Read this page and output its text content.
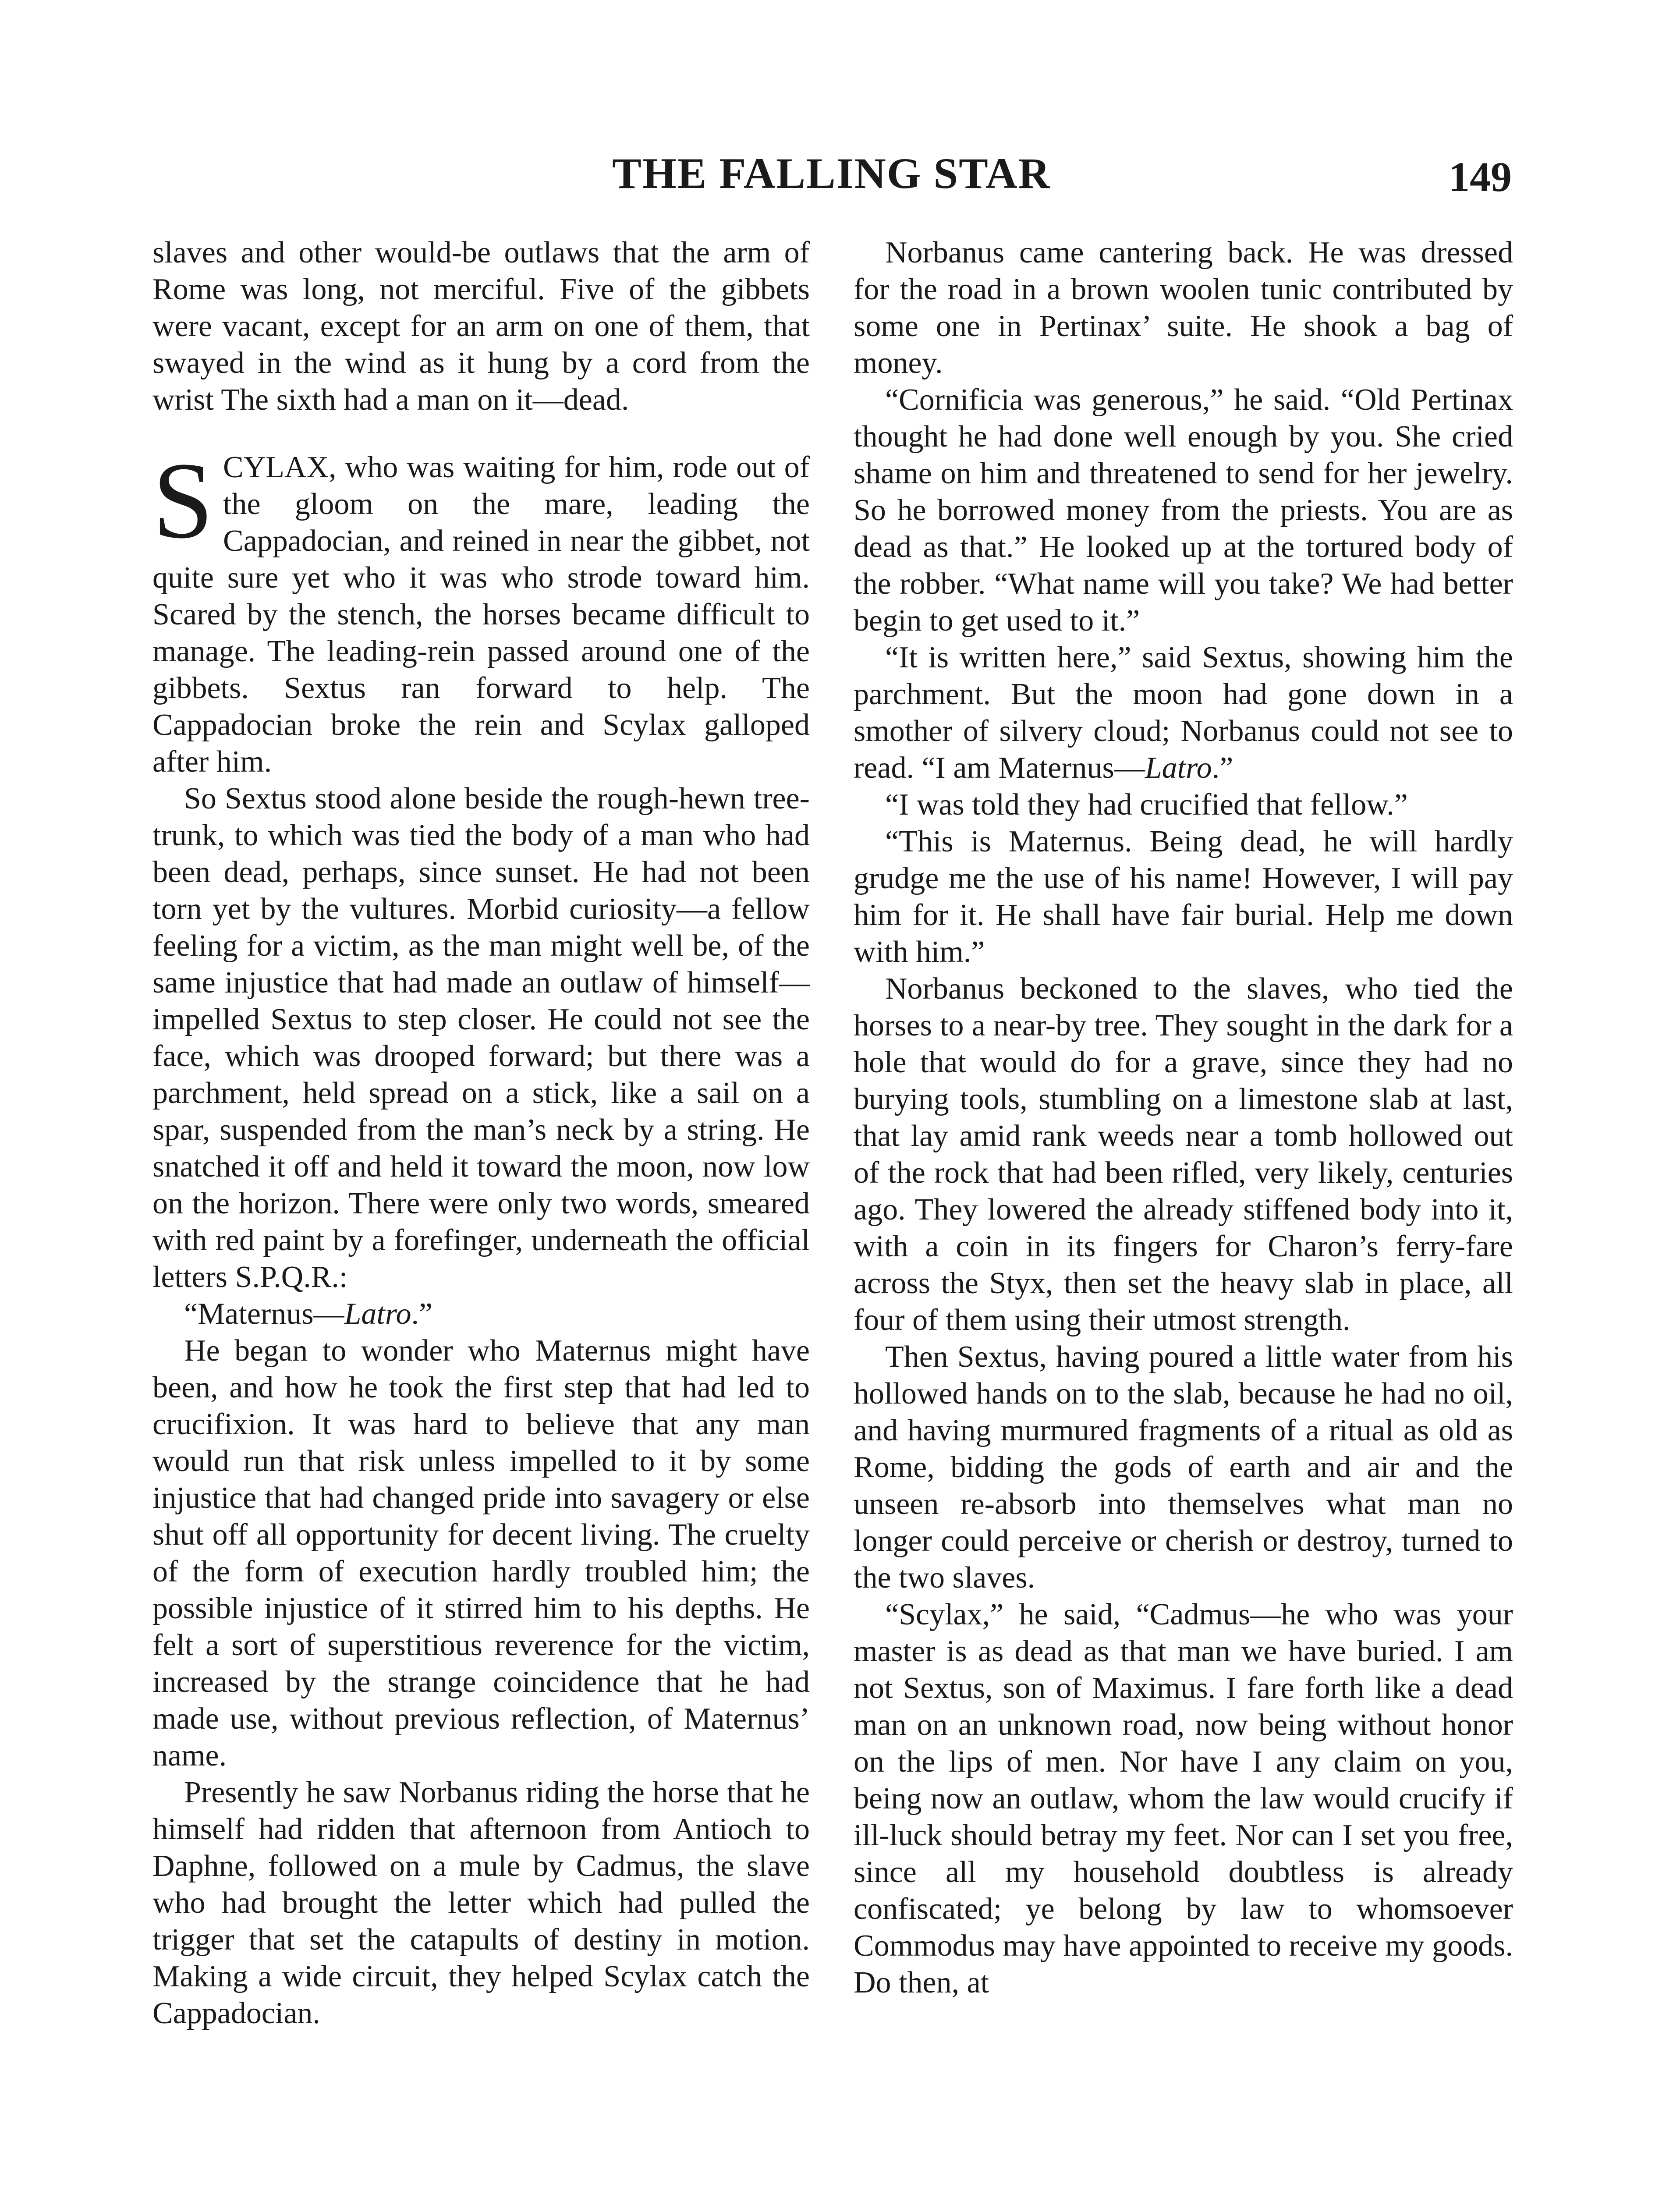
THE FALLING STAR	149

slaves and other would-be outlaws that the arm of Rome was long, not merciful. Five of the gibbets were vacant, except for an arm on one of them, that swayed in the wind as it hung by a cord from the wrist The sixth had a man on it—dead.

SCYLAX, who was waiting for him, rode out of the gloom on the mare, leading the Cappadocian, and reined in near the gibbet, not quite sure yet who it was who strode toward him. Scared by the stench, the horses became difficult to manage. The leading-rein passed around one of the gibbets. Sextus ran forward to help. The Cappadocian broke the rein and Scylax galloped after him.

So Sextus stood alone beside the rough-hewn tree-trunk, to which was tied the body of a man who had been dead, perhaps, since sunset. He had not been torn yet by the vultures. Morbid curiosity—a fellow feeling for a victim, as the man might well be, of the same injustice that had made an outlaw of himself—impelled Sextus to step closer. He could not see the face, which was drooped forward; but there was a parchment, held spread on a stick, like a sail on a spar, suspended from the man’s neck by a string. He snatched it off and held it toward the moon, now low on the horizon. There were only two words, smeared with red paint by a forefinger, underneath the official letters S.P.Q.R.:

“Maternus—Latro.”

He began to wonder who Maternus might have been, and how he took the first step that had led to crucifixion. It was hard to believe that any man would run that risk unless impelled to it by some injustice that had changed pride into savagery or else shut off all opportunity for decent living. The cruelty of the form of execution hardly troubled him; the possible injustice of it stirred him to his depths. He felt a sort of superstitious reverence for the victim, increased by the strange coincidence that he had made use, without previous reflection, of Maternus’ name.

Presently he saw Norbanus riding the horse that he himself had ridden that afternoon from Antioch to Daphne, followed on a mule by Cadmus, the slave who had brought the letter which had pulled the trigger that set the catapults of destiny in motion. Making a wide circuit, they helped Scylax catch the Cappadocian.

Norbanus came cantering back. He was dressed for the road in a brown woolen tunic contributed by some one in Pertinax’ suite. He shook a bag of money.

“Cornificia was generous,” he said. “Old Pertinax thought he had done well enough by you. She cried shame on him and threatened to send for her jewelry. So he borrowed money from the priests. You are as dead as that.” He looked up at the tortured body of the robber. “What name will you take? We had better begin to get used to it.”

“It is written here,” said Sextus, showing him the parchment. But the moon had gone down in a smother of silvery cloud; Norbanus could not see to read. “I am Maternus—Latro.”

“I was told they had crucified that fellow.”

“This is Maternus. Being dead, he will hardly grudge me the use of his name! However, I will pay him for it. He shall have fair burial. Help me down with him.”

Norbanus beckoned to the slaves, who tied the horses to a near-by tree. They sought in the dark for a hole that would do for a grave, since they had no burying tools, stumbling on a limestone slab at last, that lay amid rank weeds near a tomb hollowed out of the rock that had been rifled, very likely, centuries ago. They lowered the already stiffened body into it, with a coin in its fingers for Charon’s ferry-fare across the Styx, then set the heavy slab in place, all four of them using their utmost strength.

Then Sextus, having poured a little water from his hollowed hands on to the slab, because he had no oil, and having murmured fragments of a ritual as old as Rome, bidding the gods of earth and air and the unseen re-absorb into themselves what man no longer could perceive or cherish or destroy, turned to the two slaves.

“Scylax,” he said, “Cadmus—he who was your master is as dead as that man we have buried. I am not Sextus, son of Maximus. I fare forth like a dead man on an unknown road, now being without honor on the lips of men. Nor have I any claim on you, being now an outlaw, whom the law would crucify if ill-luck should betray my feet. Nor can I set you free, since all my household doubtless is already confiscated; ye belong by law to whomsoever Commodus may have appointed to receive my goods. Do then, at
